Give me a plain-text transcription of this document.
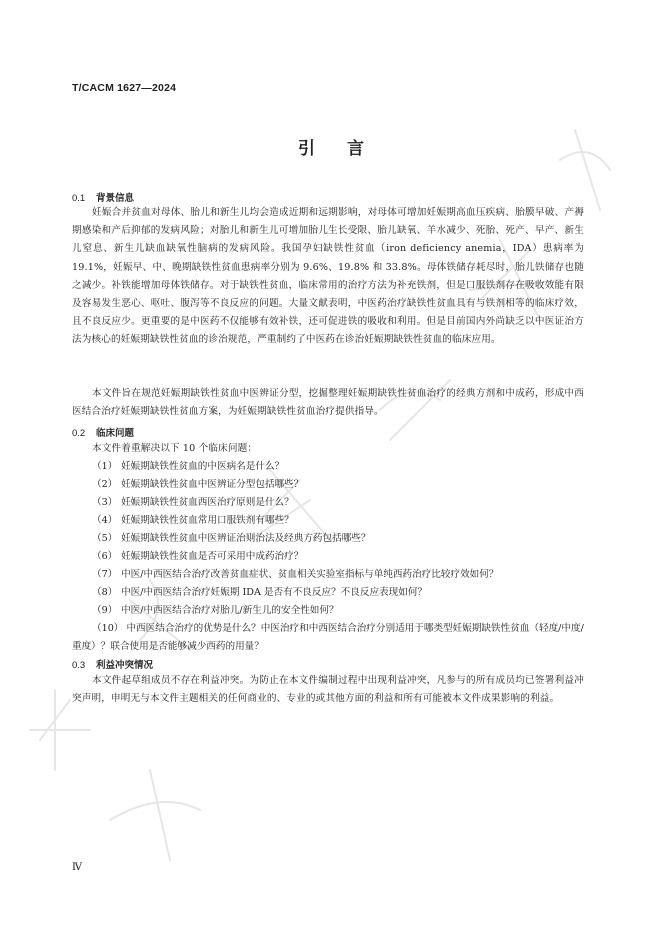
T/CACM 1627—2024
引言
0.1 背景信息
妊娠合并贫血对母体、胎儿和新生儿均会造成近期和远期影响，对母体可增加妊娠期高血压疾病、胎膜早破、产褥期感染和产后抑郁的发病风险；对胎儿和新生儿可增加胎儿生长受限、胎儿缺氧、羊水减少、死胎、死产、早产、新生儿窒息、新生儿缺血缺氧性脑病的发病风险。我国孕妇缺铁性贫血（iron deficiency anemia，IDA）患病率为 19.1%，妊娠早、中、晚期缺铁性贫血患病率分别为 9.6%、19.8% 和 33.8%。母体铁储存耗尽时，胎儿铁储存也随之减少。补铁能增加母体铁储存。对于缺铁性贫血，临床常用的治疗方法为补充铁剂，但是口服铁剂存在吸收效能有限及容易发生恶心、呕吐、腹泻等不良反应的问题。大量文献表明，中医药治疗缺铁性贫血具有与铁剂相等的临床疗效，且不良反应少。更重要的是中医药不仅能够有效补铁，还可促进铁的吸收和利用。但是目前国内外尚缺乏以中医证治方法为核心的妊娠期缺铁性贫血的诊治规范，严重制约了中医药在诊治妊娠期缺铁性贫血的临床应用。
本文件旨在规范妊娠期缺铁性贫血中医辨证分型，挖掘整理妊娠期缺铁性贫血治疗的经典方剂和中成药，形成中西医结合治疗妊娠期缺铁性贫血方案，为妊娠期缺铁性贫血治疗提供指导。
0.2 临床问题
本文件着重解决以下 10 个临床问题：
（1） 妊娠期缺铁性贫血的中医病名是什么？
（2） 妊娠期缺铁性贫血中医辨证分型包括哪些？
（3） 妊娠期缺铁性贫血西医治疗原则是什么？
（4） 妊娠期缺铁性贫血常用口服铁剂有哪些？
（5） 妊娠期缺铁性贫血中医辨证治则治法及经典方药包括哪些？
（6） 妊娠期缺铁性贫血是否可采用中成药治疗？
（7） 中医/中西医结合治疗改善贫血症状、贫血相关实验室指标与单纯西药治疗比较疗效如何？
（8） 中医/中西医结合治疗妊娠期 IDA 是否有不良反应？不良反应表现如何？
（9） 中医/中西医结合治疗对胎儿/新生儿的安全性如何？
（10） 中西医结合治疗的优势是什么？中医治疗和中西医结合治疗分别适用于哪类型妊娠期缺铁性贫血（轻度/中度/重度）？联合使用是否能够减少西药的用量？
0.3 利益冲突情况
本文件起草组成员不存在利益冲突。为防止在本文件编制过程中出现利益冲突，凡参与的所有成员均已签署利益冲突声明，申明无与本文件主题相关的任何商业的、专业的或其他方面的利益和所有可能被本文件成果影响的利益。
Ⅳ
